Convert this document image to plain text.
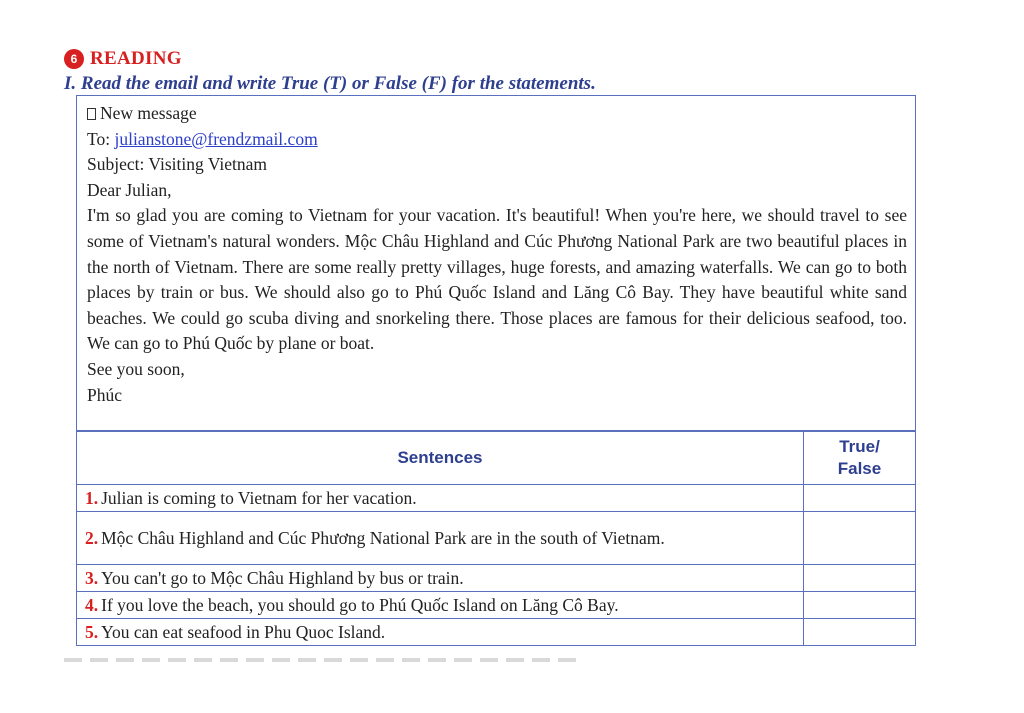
6 READING
I. Read the email and write True (T) or False (F) for the statements.
New message
To: julianstone@frendzmail.com
Subject: Visiting Vietnam
Dear Julian,
I'm so glad you are coming to Vietnam for your vacation. It's beautiful! When you're here, we should travel to see some of Vietnam's natural wonders. Mộc Châu Highland and Cúc Phương National Park are two beautiful places in the north of Vietnam. There are some really pretty villages, huge forests, and amazing waterfalls. We can go to both places by train or bus. We should also go to Phú Quốc Island and Lăng Cô Bay. They have beautiful white sand beaches. We could go scuba diving and snorkeling there. Those places are famous for their delicious seafood, too. We can go to Phú Quốc by plane or boat.
See you soon,
Phúc
Sentences	True/
False
1. Julian is coming to Vietnam for her vacation.	
2. Mộc Châu Highland and Cúc Phương National Park are in the south of Vietnam.	
3. You can't go to Mộc Châu Highland by bus or train.	
4. If you love the beach, you should go to Phú Quốc Island on Lăng Cô Bay.	
5. You can eat seafood in Phu Quoc Island.	
